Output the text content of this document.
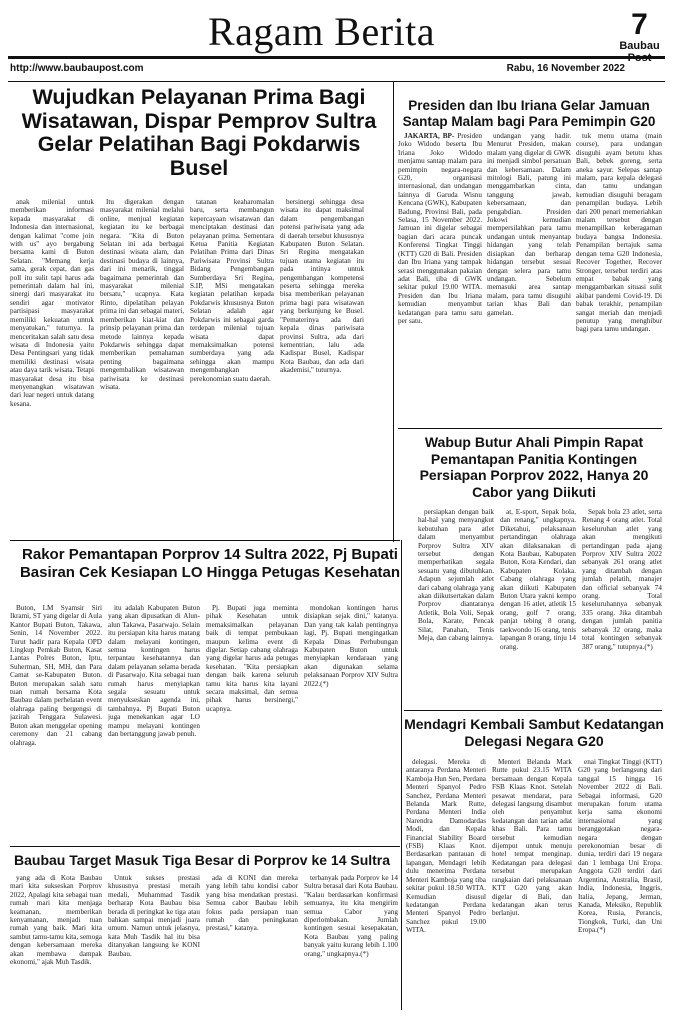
Ragam Berita	7
Baubau Post
http://www.baubaupost.com	Rabu, 16 November 2022
Wujudkan Pelayanan Prima Bagi Wisatawan, Dispar Pemprov Sultra Gelar Pelatihan Bagi Pokdarwis Busel

anak milenial untuk memberikan informasi kepada masyarakat di Indonesia dan internasional, dengan kalimat "come join with us" ayo bergabung bersama kami di Buton Selatan. "Memang kerja sama, gerak cepat, dan gas poll itu sulit tapi harus ada pemerintah dalam hal ini, sinergi dari masyarakat itu sendiri agar motivator partisipasi masyarakat memiliki kekuatan untuk menyatukan," tuturnya. Ia menceritakan salah satu desa wisata di Indonesia yaitu Desa Pentingsari yang tidak memiliki destinasi wisata atau daya tarik wisata. Tetapi masyarakat desa itu bisa menyenangkan wisatawan dari luar negeri untuk datang kesana.

Itu digerakan dengan masyarakat milenial melalui online, menjual kegiatan kegiatan itu ke berbagai negara. "Kita di Buton Selatan ini ada berbagai destinasi wisata alam, dan destinasi budaya di lainnya, dari ini menarik, tinggal bagaimana pemerintah dan masyarakat milenial bersatu," ucapnya. Kata Rinto, dipelatihan pelayan prima ini dan sebagai materi, memberikan kiat-kiat dan prinsip pelayanan prima dan metode lainnya kepada Pokdarwis sehingga dapat memberikan pemahaman penting bagaimana mengembalikan wisatawan pariwisata ke destinasi wisata.

tatanan keaharomalan baru, serta membangun kepercayaan wisatawan dan menciptakan destinasi dan pelayanan prima. Sementara Ketua Panitia Kegiatan Pelatihan Prima dari Dinas Pariwisata Provinsi Sultra Bidang Pengembangan Sumberdaya Sri Regina, S.IP, MSi mengatakan kegiatan pelatihan kepada Pokdarwis khususnya Buton Selatan adalah agar Pokdarwis ini sebagai garda terdepan milenial tujuan wisata dapat memaksimalkan potensi sumberdaya yang ada sehingga akan mampu mengembangkan perekonomian suatu daerah.

bersinergi sehingga desa wisata itu dapat maksimal dalam pengembangan potensi pariwisata yang ada di daerah tersebut khususnya Kabupaten Buton Selatan. Sri Regina mengatakan tujuan utama kegiatan itu pada intinya untuk pengembangan kompetensi peserta sehingga mereka bisa memberikan pelayanan prima bagi para wisatawan yang berkunjung ke Busel. "Pematerinya ada dari kepala dinas pariwisata provinsi Sultra, ada dari kementrian, lalu ada Kadispar Busel, Kadispar Kota Baubau, dan ada dari akademisi," tuturnya.

Presiden dan Ibu Iriana Gelar Jamuan Santap Malam bagi Para Pemimpin G20

JAKARTA, BP- Presiden Joko Widodo beserta Ibu Iriana Joko Widodo menjamu santap malam para pemimpin negara-negara G20, organisasi internasional, dan undangan lainnya di Garuda Wisnu Kencana (GWK), Kabupaten Badung, Provinsi Bali, pada Selasa, 15 November 2022. Jamuan ini digelar sebagai bagian dari acara puncak Konferensi Tingkat Tinggi (KTT) G20 di Bali. Presiden dan Ibu Iriana yang tampak serasi menggunakan pakaian adat Bali, tiba di GWK sekitar pukul 19.00 WITA. Presiden dan Ibu Iriana kemudian menyambut kedatangan para tamu satu per satu.

undangan yang hadir. Menurut Presiden, makan malam yang digelar di GWK ini menjadi simbol persatuan dan kebersamaan. Dalam mitologi Bali, patung ini menggambarkan cinta, tanggung jawab, kebersamaan, dan pengabdian. Presiden Jokowi kemudian mempersilahkan para tamu undangan untuk menyantap hidangan yang telah disiapkan dan berharap hidangan tersebut sesuai dengan selera para tamu undangan. Sebelum memasuki area santap malam, para tamu disuguhi tarian khas Bali dan gamelan.

tuk menu utama (main course), para undangan disuguhi ayam betutu khas Bali, bebek goreng, serta aneka sayur. Selepas santap malam, para kepala delegasi dan tamu undangan kemudian disuguhi beragam penampilan budaya. Lebih dari 200 penari memeriahkan malam tersebut dengan menampilkan keberagaman budaya bangsa Indonesia. Penampilan bertajuk sama dengan tema G20 Indonesia, Recover Together, Recover Stronger, tersebut terdiri atas empat babak yang menggambarkan situasi sulit akibat pandemi Covid-19. Di babak terakhir, penampilan sangat meriah dan menjadi penutup yang menghibur bagi para tamu undangan.

Wabup Butur Ahali Pimpin Rapat Pemantapan Panitia Kontingen Persiapan Porprov 2022, Hanya 20 Cabor yang Diikuti

persiapkan dengan baik hal-hal yang menyangkut kebutuhan para atlet dalam menyambut Porprov Sultra XIV tersebut dengan memperhatikan segala sesuatu yang dibutuhkan. Adapun sejumlah atlet dari cabang olahraga yang akan diikutsertakan dalam Porprov diantaranya Atletik, Bola Voli, Sepak Bola, Karate, Pencak Silat, Panahan, Tenis Meja, dan cabang lainnya.

at, E-sport, Sepak bola, dan renang," ungkapnya. Diketahui, pelaksanaan pertandingan olahraga akan dilaksanakan di Kota Baubau, Kabupaten Buton, Kota Kendari, dan Kabupaten Kolaka. Cabang olahraga yang akan diikuti Kabupaten Buton Utara yakni kempo dengan 16 atlet, atletik 15 orang, golf 7 orang, panjat tebing 8 orang, taekwondo 16 orang, tenis lapangan 8 orang, tinju 14 orang.

Sepak bola 23 atlet, serta Renang 4 orang atlet. Total keseluruhan atlet yang akan mengikuti pertandingan pada ajang Porprov XIV Sultra 2022 sebanyak 261 orang atlet yang ditambah dengan jumlah pelatih, manajer dan official sebanyak 74 orang. Total keseluruhannya sebanyak 335 orang. Jika ditambah dengan jumlah panitia sebanyak 32 orang, maka total kontingen sebanyak 387 orang," tutupnya.(*)

Rakor Pemantapan Porprov 14 Sultra 2022, Pj Bupati Basiran Cek Kesiapan LO Hingga Petugas Kesehatan

Buton, LM Syamsir Siri Ikrami, ST yang digelar di Aula Kantor Bupati Buton, Takawa, Senin, 14 November 2022. Turut hadir para Kepala OPD Lingkup Pemkab Buton, Kasat Lantas Polres Buton, Iptu, Suherman, SH, MH, dan Para Camat se-Kabupaten Buton. Buton merupakan salah satu tuan rumah bersama Kota Baubau dalam perhelatan event olahraga paling bergengsi di jazirah Tenggara Sulawesi. Buton akan menggelar opening ceremony dan 21 cabang olahraga.

itu adalah Kabupaten Buton yang akan dipusatkan di Alun-alun Takawa, Pasarwajo. Selain itu persiapan kita harus matang dalam melayani kontingen, semua kontingen harus terpantau kesehatannya dan dalam pelayanan selama berada di Pasarwajo. Kita sebagai tuan rumah harus menyiapkan segala sesuatu untuk menyukseskan agenda ini, tambahnya. Pj Bupati Buton juga menekankan agar LO mampu melayani kontingen dan bertanggung jawab penuh.

Pj. Bupati juga meminta pihak Kesehatan untuk memaksimalkan pelayanan baik di tempat pembukaan maupun kelima event di digelar. Setiap cabang olahraga yang digelar harus ada petugas kesehatan. "Kita persiapkan dengan baik karena seluruh tamu kita harus kita layani secara maksimal, dan semua pihak harus bersinergi," ucapnya.

mondokan kontingen harus disiapkan sejak dini," katanya. Dan yang tak kalah pentingnya lagi, Pj. Bupati mengingatkan Kepala Dinas Perhubungan Kabupaten Buton untuk menyiapkan kendaraan yang akan digunakan selama pelaksanaan Porprov XIV Sultra 2022.(*)

Mendagri Kembali Sambut Kedatangan Delegasi Negara G20

delegasi. Mereka di antaranya Perdana Menteri Kamboja Hun Sen, Perdana Menteri Spanyol Pedro Sanchez, Perdana Menteri Belanda Mark Rutte, Perdana Menteri India Narendra Damodardas Modi, dan Kepala Financial Stability Board (FSB) Klaas Knot. Berdasarkan pantauan di lapangan, Mendagri lebih dulu menerima Perdana Menteri Kamboja yang tiba sekitar pukul 18.50 WITA. Kemudian disusul kedatangan Perdana Menteri Spanyol Pedro Sanchez pukul 19.00 WITA.

Menteri Belanda Mark Rutte pukul 23.15 WITA bersamaan dengan Kepala FSB Klaas Knot. Setelah pesawat mendarat, para delegasi langsung disambut oleh penyambut kedatangan dan tarian adat khas Bali. Para tamu tersebut kemudian dijemput untuk menuju hotel tempat menginap. Kedatangan para delegasi tersebut merupakan rangkaian dari pelaksanaan KTT G20 yang akan digelar di Bali, dan kedatangan akan terus berlanjut.

enai Tingkat Tinggi (KTT) G20 yang berlangsung dari tanggal 15 hingga 16 November 2022 di Bali. Sebagai informasi, G20 merupakan forum utama kerja sama ekonomi internasional yang beranggotakan negara-negara dengan perekonomian besar di dunia, terdiri dari 19 negara dan 1 lembaga Uni Eropa. Anggota G20 terdiri dari Argentina, Australia, Brasil, India, Indonesia, Inggris, Italia, Jepang, Jerman, Kanada, Meksiko, Republik Korea, Rusia, Perancis, Tiongkok, Turki, dan Uni Eropa.(*)

Baubau Target Masuk Tiga Besar di Porprov ke 14 Sultra

yang ada di Kota Baubau mari kita sukseskan Porprov 2022, Apalagi kita sebagai tuan rumah mari kita menjaga keamanan, memberikan kenyamanan, menjadi tuan rumah yang baik. Mari kita sambut tamu-tamu kita, semoga dengan kebersamaan mereka akan membawa dampak ekonomi," ajak Muh Tasdik.

Untuk sukses prestasi khususnya prestasi meraih medali, Muhammad Tasdik berharap Kota Baubau bisa berada di peringkat ke tiga atau bahkan sampai menjadi juara umum. Namun untuk jelasnya, kata Muh Tasdik hal itu bisa ditanyakan langsung ke KONI Baubau.

ada di KONI dan mereka yang lebih tahu kondisi cabor yang bisa mendatkan prestasi. Semua cabor Baubau lebih fokus pada persiapan tuan rumah dan peningkatan prestasi," katanya.

terbanyak pada Porprov ke 14 Sultra berasal dari Kota Baubau. "Kalau berdasarkan konfirmasi semuanya, itu kita mengirim semua Cabor yang diperlombakan. Jumlah kontingen sesuai kesepakatan, Kota Baubau yang paling banyak yaitu kurang lebih 1.100 orang," ungkapnya.(*)
